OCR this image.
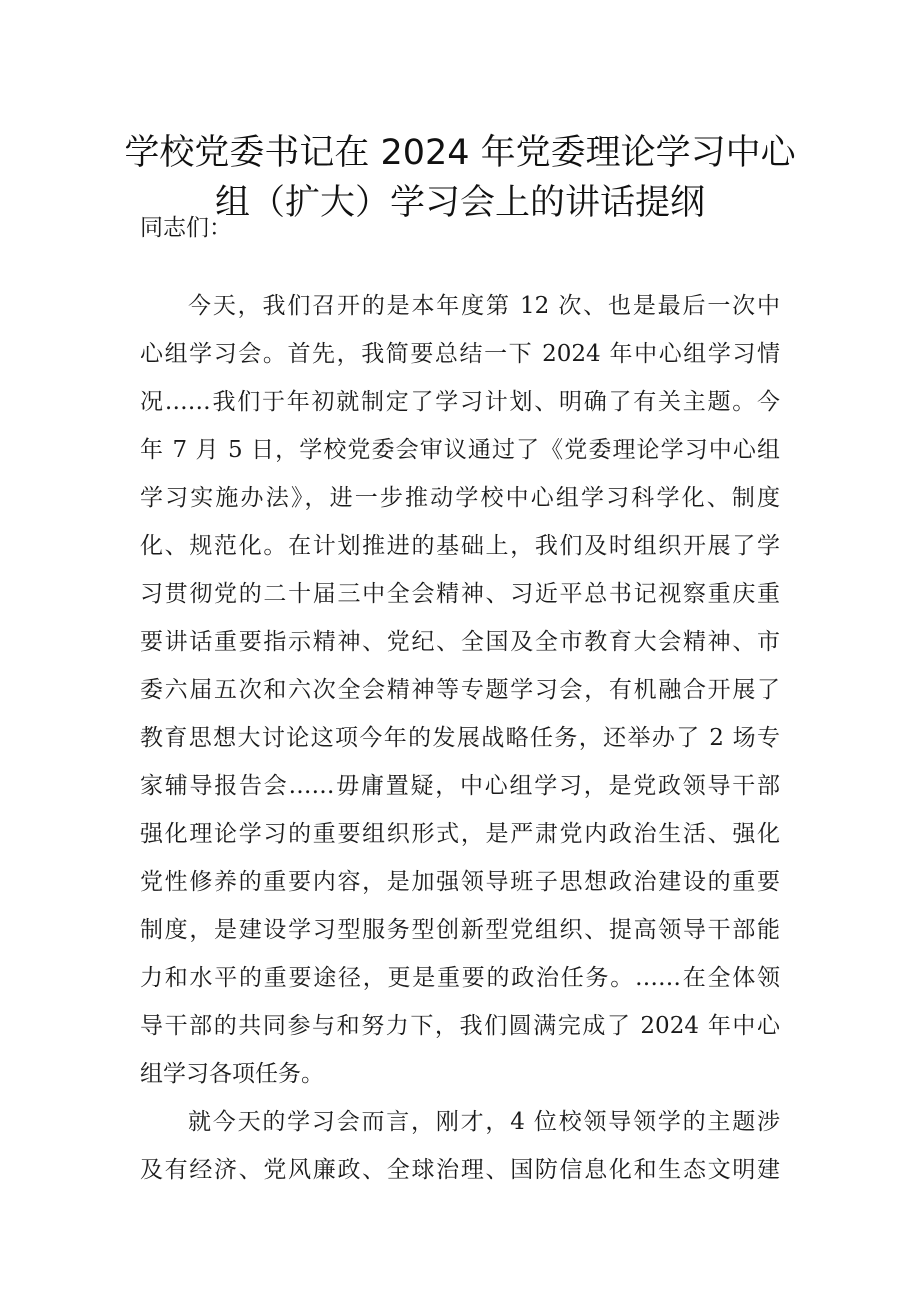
学校党委书记在 2024 年党委理论学习中心
组（扩大）学习会上的讲话提纲

同志们：

今天，我们召开的是本年度第 12 次、也是最后一次中

心组学习会。首先，我简要总结一下 2024 年中心组学习情

况……我们于年初就制定了学习计划、明确了有关主题。今

年 7 月 5 日，学校党委会审议通过了《党委理论学习中心组

学习实施办法》，进一步推动学校中心组学习科学化、制度

化、规范化。在计划推进的基础上，我们及时组织开展了学

习贯彻党的二十届三中全会精神、习近平总书记视察重庆重

要讲话重要指示精神、党纪、全国及全市教育大会精神、市

委六届五次和六次全会精神等专题学习会，有机融合开展了

教育思想大讨论这项今年的发展战略任务，还举办了 2 场专

家辅导报告会……毋庸置疑，中心组学习，是党政领导干部

强化理论学习的重要组织形式，是严肃党内政治生活、强化

党性修养的重要内容，是加强领导班子思想政治建设的重要

制度，是建设学习型服务型创新型党组织、提高领导干部能

力和水平的重要途径，更是重要的政治任务。……在全体领

导干部的共同参与和努力下，我们圆满完成了 2024 年中心

组学习各项任务。

就今天的学习会而言，刚才，4 位校领导领学的主题涉

及有经济、党风廉政、全球治理、国防信息化和生态文明建
